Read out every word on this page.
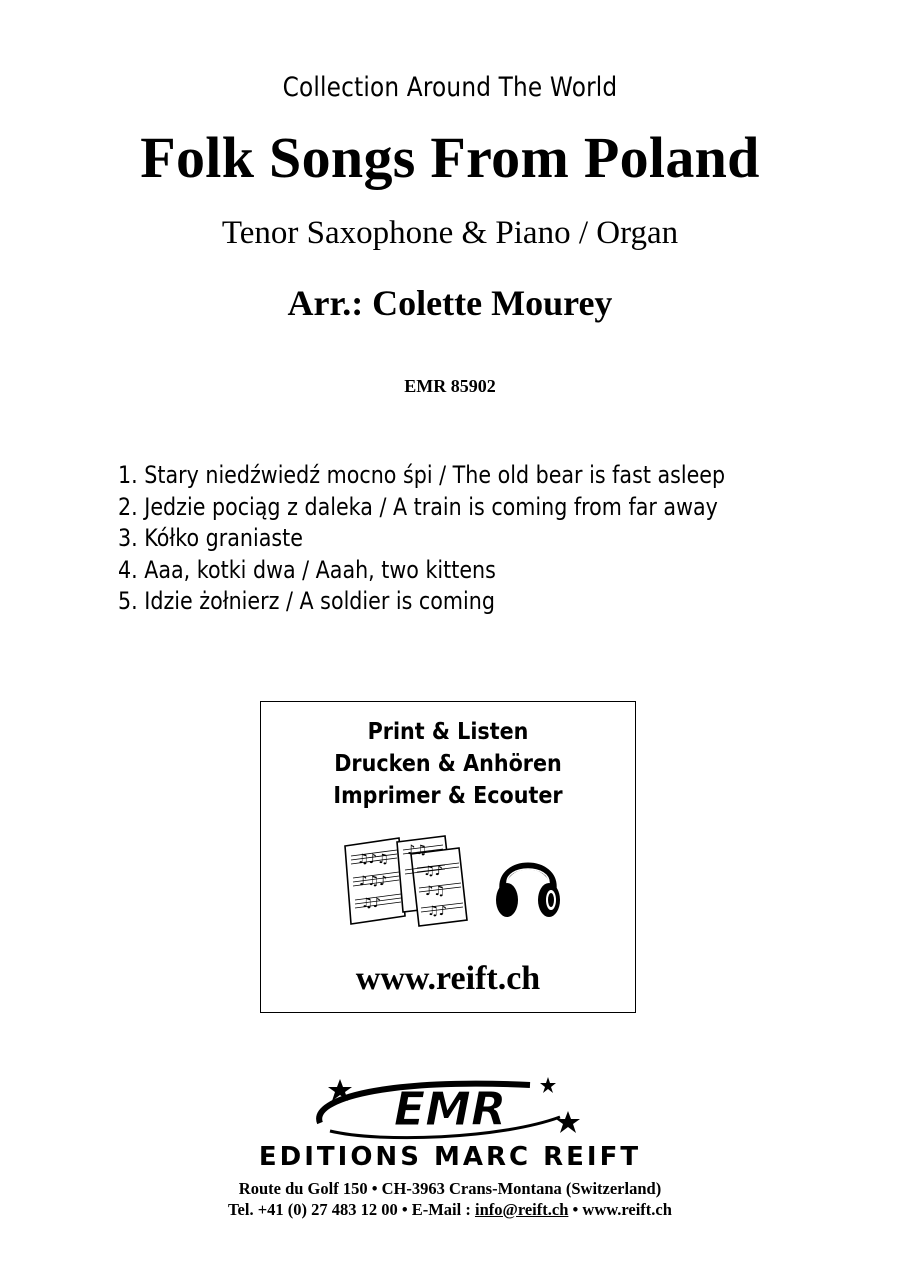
Collection Around The World
Folk Songs From Poland
Tenor Saxophone & Piano / Organ
Arr.: Colette Mourey
EMR 85902
1. Stary niedźwiedź mocno śpi / The old bear is fast asleep
2. Jedzie pociąg z daleka / A train is coming from far away
3. Kółko graniaste
4. Aaa, kotki dwa / Aaah, two kittens
5. Idzie żołnierz / A soldier is coming
Print & Listen
Drucken & Anhören
Imprimer & Ecouter
♫♪♫
♪♫♪
♫♪
♪♫
♫♪
♪♫
♫♪
www.reift.ch
EMR
EDITIONS MARC REIFT
Route du Golf 150 • CH-3963 Crans-Montana (Switzerland)
Tel. +41 (0) 27 483 12 00 • E-Mail : info@reift.ch • www.reift.ch
